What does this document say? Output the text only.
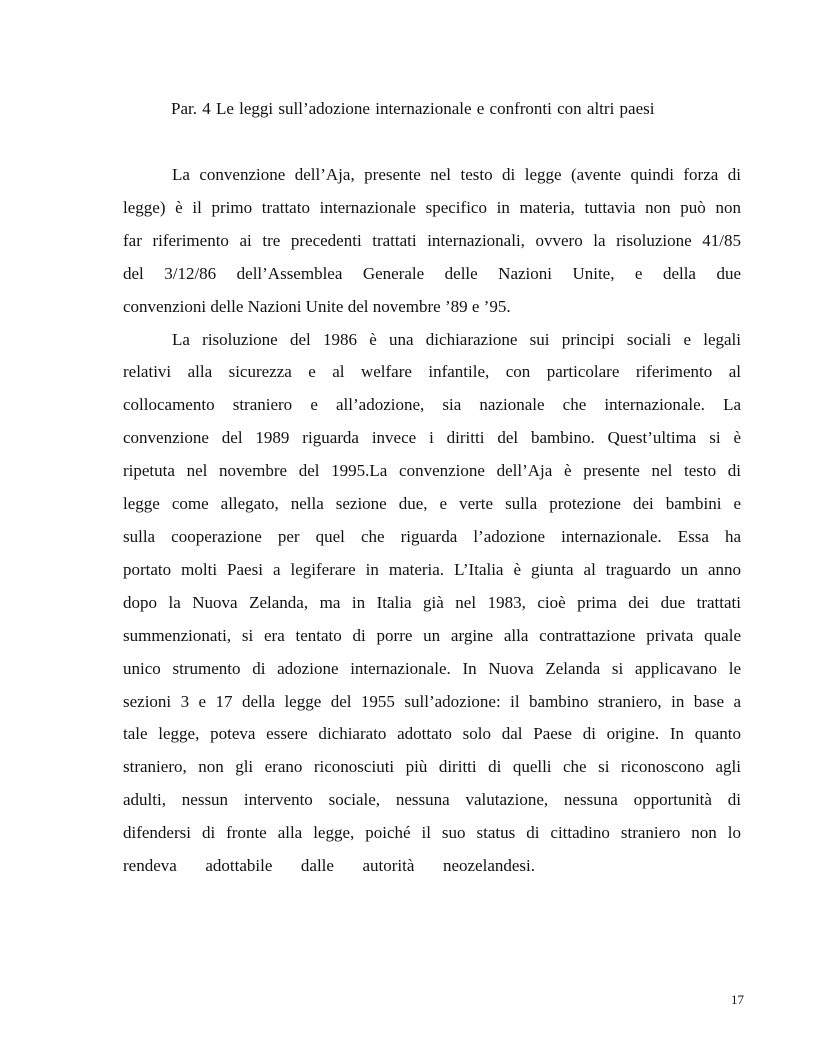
Par. 4 Le leggi sull’adozione internazionale e confronti con altri paesi

La convenzione dell’Aja, presente nel testo di legge (avente quindi forza di
legge) è il primo trattato internazionale specifico in materia, tuttavia non può non
far riferimento ai tre precedenti trattati internazionali, ovvero la risoluzione 41/85
del 3/12/86 dell’Assemblea Generale delle Nazioni Unite, e della due
convenzioni delle Nazioni Unite del novembre ’89 e ’95.

La risoluzione del 1986 è una dichiarazione sui principi sociali e legali
relativi alla sicurezza e al welfare infantile, con particolare riferimento al
collocamento straniero e all’adozione, sia nazionale che internazionale. La
convenzione del 1989 riguarda invece i diritti del bambino. Quest’ultima si è
ripetuta nel novembre del 1995.La convenzione dell’Aja è presente nel testo di
legge come allegato, nella sezione due, e verte sulla protezione dei bambini e
sulla cooperazione per quel che riguarda l’adozione internazionale. Essa ha
portato molti Paesi a legiferare in materia. L’Italia è giunta al traguardo un anno
dopo la Nuova Zelanda, ma in Italia già nel 1983, cioè prima dei due trattati
summenzionati, si era tentato di porre un argine alla contrattazione privata quale
unico strumento di adozione internazionale. In Nuova Zelanda si applicavano le
sezioni 3 e 17 della legge del 1955 sull’adozione: il bambino straniero, in base a
tale legge, poteva essere dichiarato adottato solo dal Paese di origine. In quanto
straniero, non gli erano riconosciuti più diritti di quelli che si riconoscono agli
adulti, nessun intervento sociale, nessuna valutazione, nessuna opportunità di
difendersi di fronte alla legge, poiché il suo status di cittadino straniero non lo
rendeva adottabile dalle autorità neozelandesi.

17
